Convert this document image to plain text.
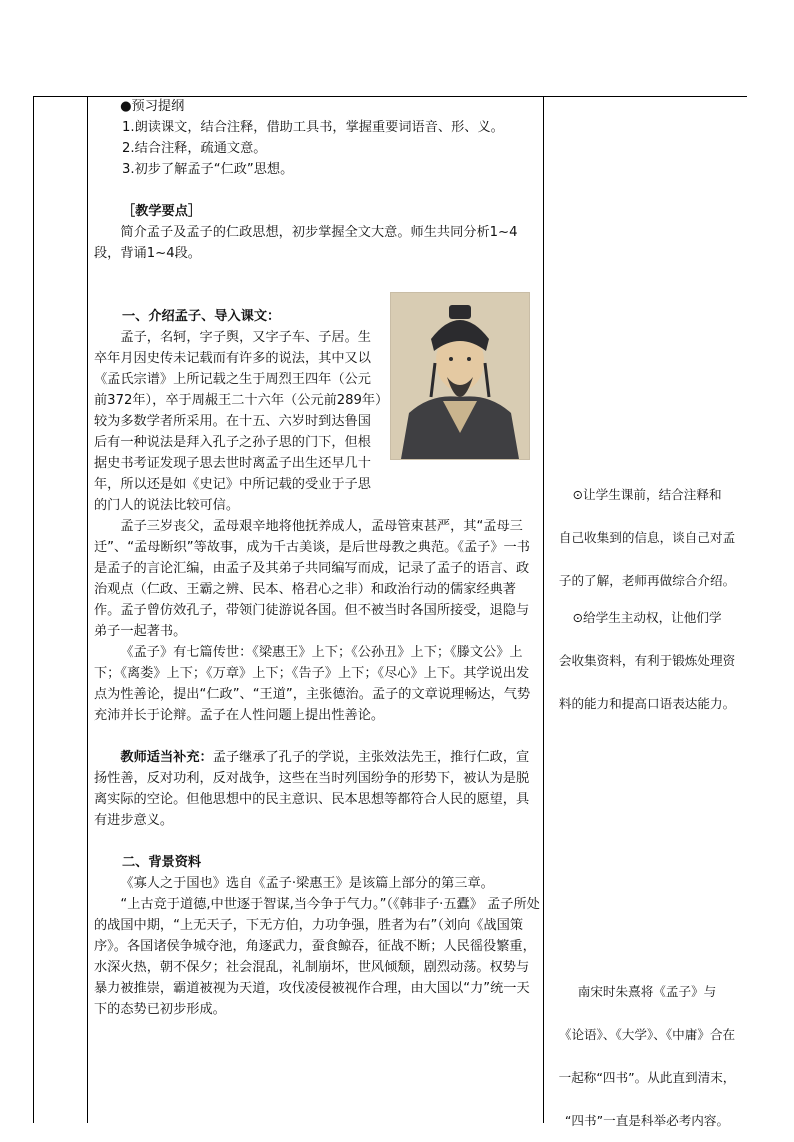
●预习提纲

1.朗读课文，结合注释，借助工具书，掌握重要词语音、形、义。

2.结合注释，疏通文意。

3.初步了解孟子“仁政”思想。

［教学要点］

简介孟子及孟子的仁政思想，初步掌握全文大意。师生共同分析1~4段，背诵1~4段。

一、介绍孟子、导入课文：

孟子，名轲，字子舆，又字子车、子居。生卒年月因史传未记载而有许多的说法，其中又以《孟氏宗谱》上所记载之生于周烈王四年（公元前372年），卒于周赧王二十六年（公元前289年）较为多数学者所采用。在十五、六岁时到达鲁国后有一种说法是拜入孔子之孙子思的门下，但根据史书考证发现子思去世时离孟子出生还早几十年，所以还是如《史记》中所记载的受业于子思的门人的说法比较可信。

孟子三岁丧父，孟母艰辛地将他抚养成人，孟母管束甚严，其“孟母三迁”、“孟母断织”等故事，成为千古美谈，是后世母教之典范。《孟子》一书是孟子的言论汇编，由孟子及其弟子共同编写而成，记录了孟子的语言、政治观点（仁政、王霸之辨、民本、格君心之非）和政治行动的儒家经典著作。孟子曾仿效孔子，带领门徒游说各国。但不被当时各国所接受，退隐与弟子一起著书。

《孟子》有七篇传世：《梁惠王》上下；《公孙丑》上下；《滕文公》上下；《离娄》上下；《万章》上下；《告子》上下；《尽心》上下。其学说出发点为性善论，提出“仁政”、“王道”，主张德治。孟子的文章说理畅达，气势充沛并长于论辩。孟子在人性问题上提出性善论。

教师适当补充：孟子继承了孔子的学说，主张效法先王，推行仁政，宣扬性善，反对功利，反对战争，这些在当时列国纷争的形势下，被认为是脱离实际的空论。但他思想中的民主意识、民本思想等都符合人民的愿望，具有进步意义。

二、背景资料

《寡人之于国也》选自《孟子·梁惠王》是该篇上部分的第三章。

“上古竞于道德,中世逐于智谋,当今争于气力。”（《韩非子·五蠹》 孟子所处的战国中期，“上无天子，下无方伯，力功争强，胜者为右”（刘向《战国策序》。各国诸侯争城夺池，角逐武力，蚕食鲸吞，征战不断；人民徭役繁重，水深火热，朝不保夕；社会混乱，礼制崩坏，世风倾颓，剧烈动荡。权势与暴力被推崇，霸道被视为天道，攻伐凌侵被视作合理，由大国以“力”统一天下的态势已初步形成。

⊙让学生课前，结合注释和

自己收集到的信息，谈自己对孟

子的了解，老师再做综合介绍。

⊙给学生主动权，让他们学

会收集资料，有利于锻炼处理资

料的能力和提高口语表达能力。

南宋时朱熹将《孟子》与

《论语》、《大学》、《中庸》合在

一起称“四书”。从此直到清末，

“四书”一直是科举必考内容。
